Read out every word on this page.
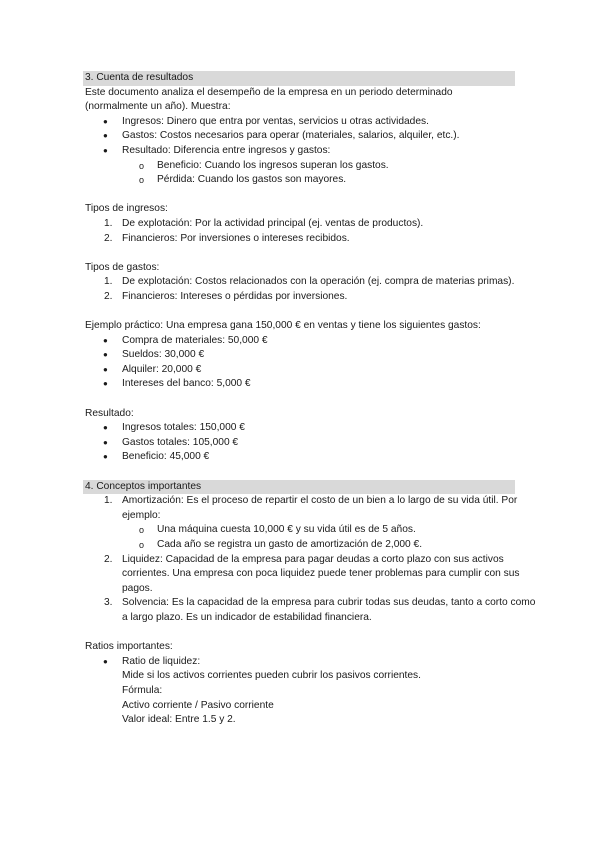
3. Cuenta de resultados
Este documento analiza el desempeño de la empresa en un periodo determinado (normalmente un año). Muestra:
● Ingresos: Dinero que entra por ventas, servicios u otras actividades.
● Gastos: Costos necesarios para operar (materiales, salarios, alquiler, etc.).
● Resultado: Diferencia entre ingresos y gastos:
o Beneficio: Cuando los ingresos superan los gastos.
o Pérdida: Cuando los gastos son mayores.
Tipos de ingresos:
1. De explotación: Por la actividad principal (ej. ventas de productos).
2. Financieros: Por inversiones o intereses recibidos.
Tipos de gastos:
1. De explotación: Costos relacionados con la operación (ej. compra de materias primas).
2. Financieros: Intereses o pérdidas por inversiones.
Ejemplo práctico: Una empresa gana 150,000 € en ventas y tiene los siguientes gastos:
● Compra de materiales: 50,000 €
● Sueldos: 30,000 €
● Alquiler: 20,000 €
● Intereses del banco: 5,000 €
Resultado:
● Ingresos totales: 150,000 €
● Gastos totales: 105,000 €
● Beneficio: 45,000 €
4. Conceptos importantes
1. Amortización: Es el proceso de repartir el costo de un bien a lo largo de su vida útil. Por ejemplo:
o Una máquina cuesta 10,000 € y su vida útil es de 5 años.
o Cada año se registra un gasto de amortización de 2,000 €.
2. Liquidez: Capacidad de la empresa para pagar deudas a corto plazo con sus activos corrientes. Una empresa con poca liquidez puede tener problemas para cumplir con sus pagos.
3. Solvencia: Es la capacidad de la empresa para cubrir todas sus deudas, tanto a corto como a largo plazo. Es un indicador de estabilidad financiera.
Ratios importantes:
● Ratio de liquidez:
Mide si los activos corrientes pueden cubrir los pasivos corrientes.
Fórmula:
Activo corriente / Pasivo corriente
Valor ideal: Entre 1.5 y 2.
